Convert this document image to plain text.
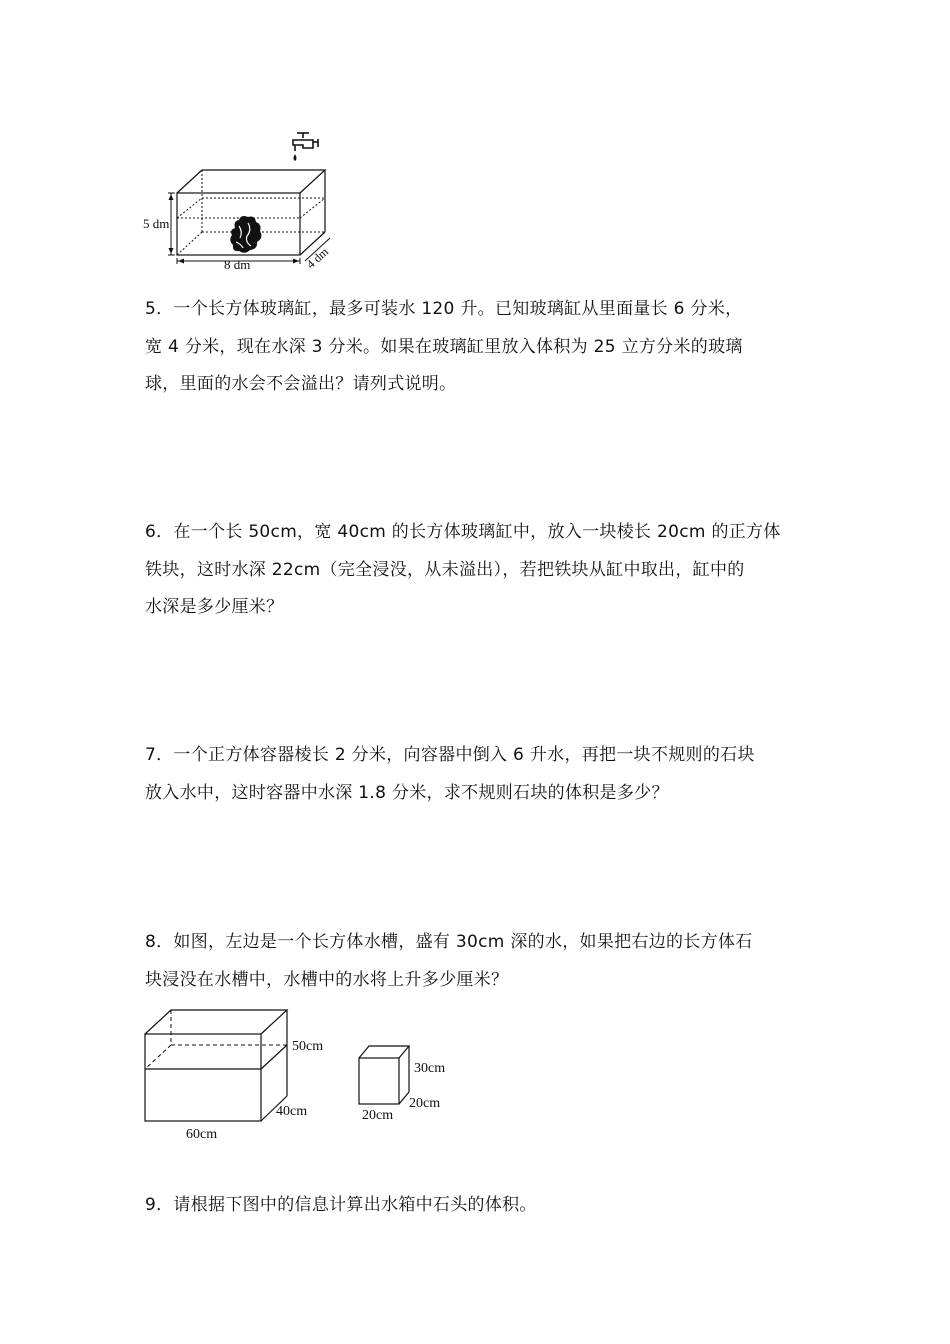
5 dm
8 dm	4 dm

5．一个长方体玻璃缸，最多可装水 120 升。已知玻璃缸从里面量长 6 分米，

宽 4 分米，现在水深 3 分米。如果在玻璃缸里放入体积为 25 立方分米的玻璃

球，里面的水会不会溢出？请列式说明。

6．在一个长 50cm，宽 40cm 的长方体玻璃缸中，放入一块棱长 20cm 的正方体

铁块，这时水深 22cm（完全浸没，从未溢出），若把铁块从缸中取出，缸中的

水深是多少厘米？

7．一个正方体容器棱长 2 分米，向容器中倒入 6 升水，再把一块不规则的石块

放入水中，这时容器中水深 1.8 分米，求不规则石块的体积是多少？

8．如图，左边是一个长方体水槽，盛有 30cm 深的水，如果把右边的长方体石

块浸没在水槽中，水槽中的水将上升多少厘米？

50cm
40cm
60cm
30cm
20cm
20cm

9．请根据下图中的信息计算出水箱中石头的体积。
